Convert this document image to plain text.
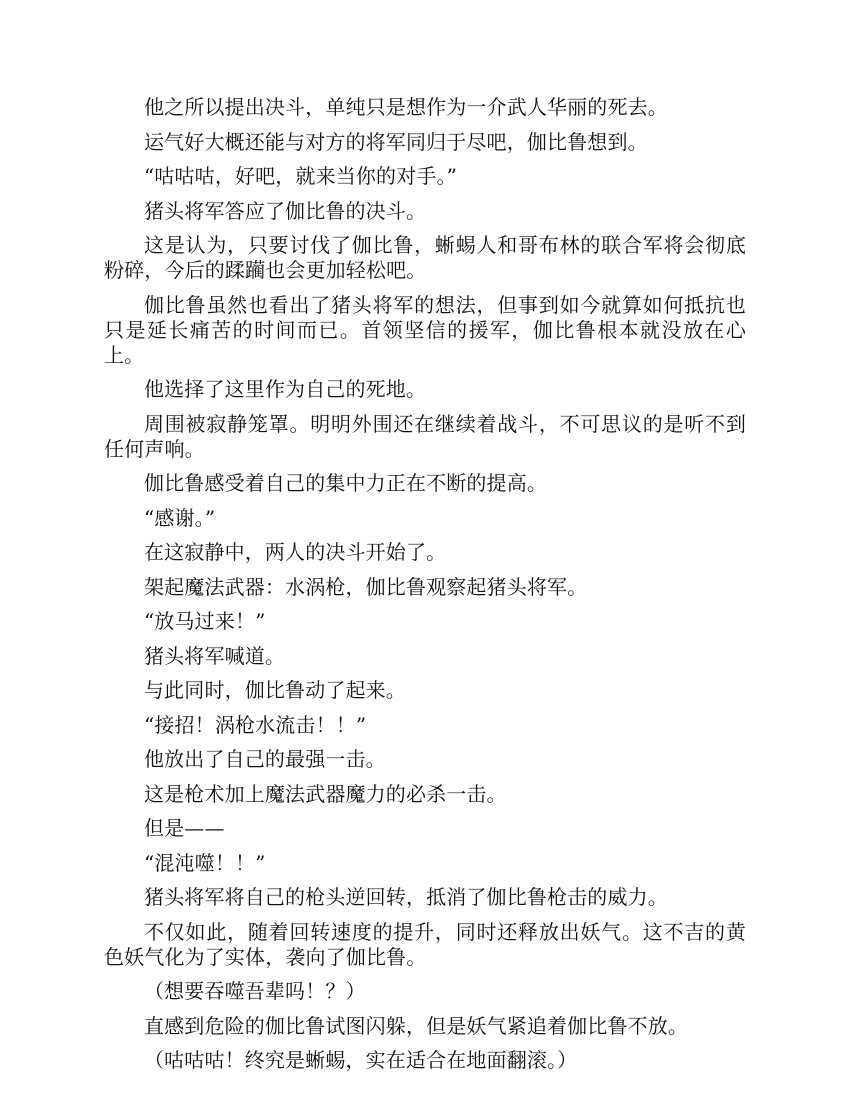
他之所以提出决斗，单纯只是想作为一介武人华丽的死去。

运气好大概还能与对方的将军同归于尽吧，伽比鲁想到。

“咕咕咕，好吧，就来当你的对手。”

猪头将军答应了伽比鲁的决斗。

这是认为，只要讨伐了伽比鲁，蜥蜴人和哥布林的联合军将会彻底粉碎，今后的蹂躏也会更加轻松吧。

伽比鲁虽然也看出了猪头将军的想法，但事到如今就算如何抵抗也只是延长痛苦的时间而已。首领坚信的援军，伽比鲁根本就没放在心上。

他选择了这里作为自己的死地。

周围被寂静笼罩。明明外围还在继续着战斗，不可思议的是听不到任何声响。

伽比鲁感受着自己的集中力正在不断的提高。

“感谢。”

在这寂静中，两人的决斗开始了。

架起魔法武器：水涡枪，伽比鲁观察起猪头将军。

“放马过来！”

猪头将军喊道。

与此同时，伽比鲁动了起来。

“接招！涡枪水流击！！”

他放出了自己的最强一击。

这是枪术加上魔法武器魔力的必杀一击。

但是——

“混沌噬！！”

猪头将军将自己的枪头逆回转，抵消了伽比鲁枪击的威力。

不仅如此，随着回转速度的提升，同时还释放出妖气。这不吉的黄色妖气化为了实体，袭向了伽比鲁。

（想要吞噬吾辈吗！？）

直感到危险的伽比鲁试图闪躲，但是妖气紧追着伽比鲁不放。

（咕咕咕！终究是蜥蜴，实在适合在地面翻滚。）
